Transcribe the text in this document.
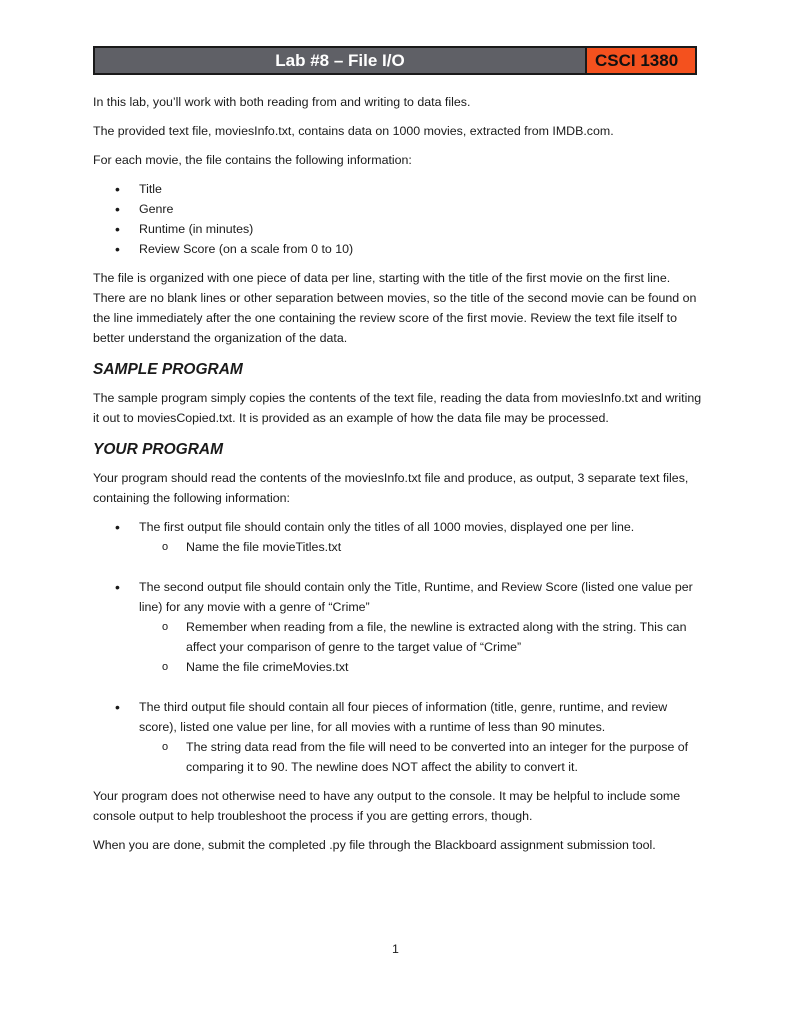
Lab #8 – File I/O	CSCI 1380

In this lab, you’ll work with both reading from and writing to data files.

The provided text file, moviesInfo.txt, contains data on 1000 movies, extracted from IMDB.com.

For each movie, the file contains the following information:

• Title
• Genre
• Runtime (in minutes)
• Review Score (on a scale from 0 to 10)

The file is organized with one piece of data per line, starting with the title of the first movie on the first line. There are no blank lines or other separation between movies, so the title of the second movie can be found on the line immediately after the one containing the review score of the first movie. Review the text file itself to better understand the organization of the data.

SAMPLE PROGRAM

The sample program simply copies the contents of the text file, reading the data from moviesInfo.txt and writing it out to moviesCopied.txt. It is provided as an example of how the data file may be processed.

YOUR PROGRAM

Your program should read the contents of the moviesInfo.txt file and produce, as output, 3 separate text files, containing the following information:

• The first output file should contain only the titles of all 1000 movies, displayed one per line.
o Name the file movieTitles.txt
• The second output file should contain only the Title, Runtime, and Review Score (listed one value per line) for any movie with a genre of “Crime”
o Remember when reading from a file, the newline is extracted along with the string. This can affect your comparison of genre to the target value of “Crime”
o Name the file crimeMovies.txt
• The third output file should contain all four pieces of information (title, genre, runtime, and review score), listed one value per line, for all movies with a runtime of less than 90 minutes.
o The string data read from the file will need to be converted into an integer for the purpose of comparing it to 90. The newline does NOT affect the ability to convert it.

Your program does not otherwise need to have any output to the console. It may be helpful to include some console output to help troubleshoot the process if you are getting errors, though.

When you are done, submit the completed .py file through the Blackboard assignment submission tool.

1
